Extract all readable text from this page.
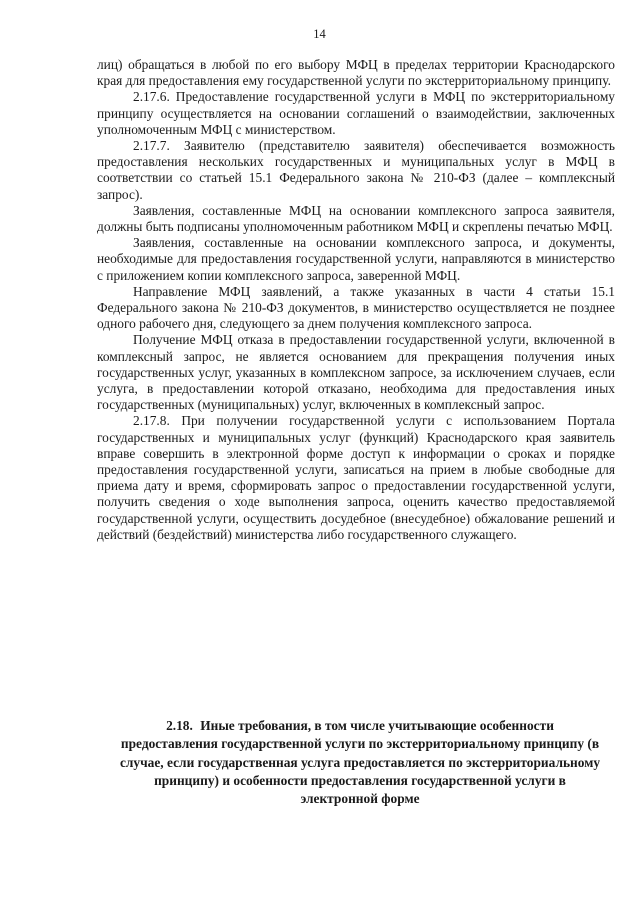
14

лиц) обращаться в любой по его выбору МФЦ в пределах территории Краснодарского края для предоставления ему государственной услуги по экстерриториальному принципу.

2.17.6. Предоставление государственной услуги в МФЦ по экстерриториальному принципу осуществляется на основании соглашений о взаимодействии, заключенных уполномоченным МФЦ с министерством.

2.17.7. Заявителю (представителю заявителя) обеспечивается возможность предоставления нескольких государственных и муниципальных услуг в МФЦ в соответствии со статьей 15.1 Федерального закона № 210-ФЗ (далее – комплексный запрос).

Заявления, составленные МФЦ на основании комплексного запроса заявителя, должны быть подписаны уполномоченным работником МФЦ и скреплены печатью МФЦ.

Заявления, составленные на основании комплексного запроса, и документы, необходимые для предоставления государственной услуги, направляются в министерство с приложением копии комплексного запроса, заверенной МФЦ.

Направление МФЦ заявлений, а также указанных в части 4 статьи 15.1 Федерального закона № 210-ФЗ документов, в министерство осуществляется не позднее одного рабочего дня, следующего за днем получения комплексного запроса.

Получение МФЦ отказа в предоставлении государственной услуги, включенной в комплексный запрос, не является основанием для прекращения получения иных государственных услуг, указанных в комплексном запросе, за исключением случаев, если услуга, в предоставлении которой отказано, необходима для предоставления иных государственных (муниципальных) услуг, включенных в комплексный запрос.

2.17.8. При получении государственной услуги с использованием Портала государственных и муниципальных услуг (функций) Краснодарского края заявитель вправе совершить в электронной форме доступ к информации о сроках и порядке предоставления государственной услуги, записаться на прием в любые свободные для приема дату и время, сформировать запрос о предоставлении государственной услуги, получить сведения о ходе выполнения запроса, оценить качество предоставляемой государственной услуги, осуществить досудебное (внесудебное) обжалование решений и действий (бездействий) министерства либо государственного служащего.

2.18. Иные требования, в том числе учитывающие особенности предоставления государственной услуги по экстерриториальному принципу (в случае, если государственная услуга предоставляется по экстерриториальному принципу) и особенности предоставления государственной услуги в электронной форме
